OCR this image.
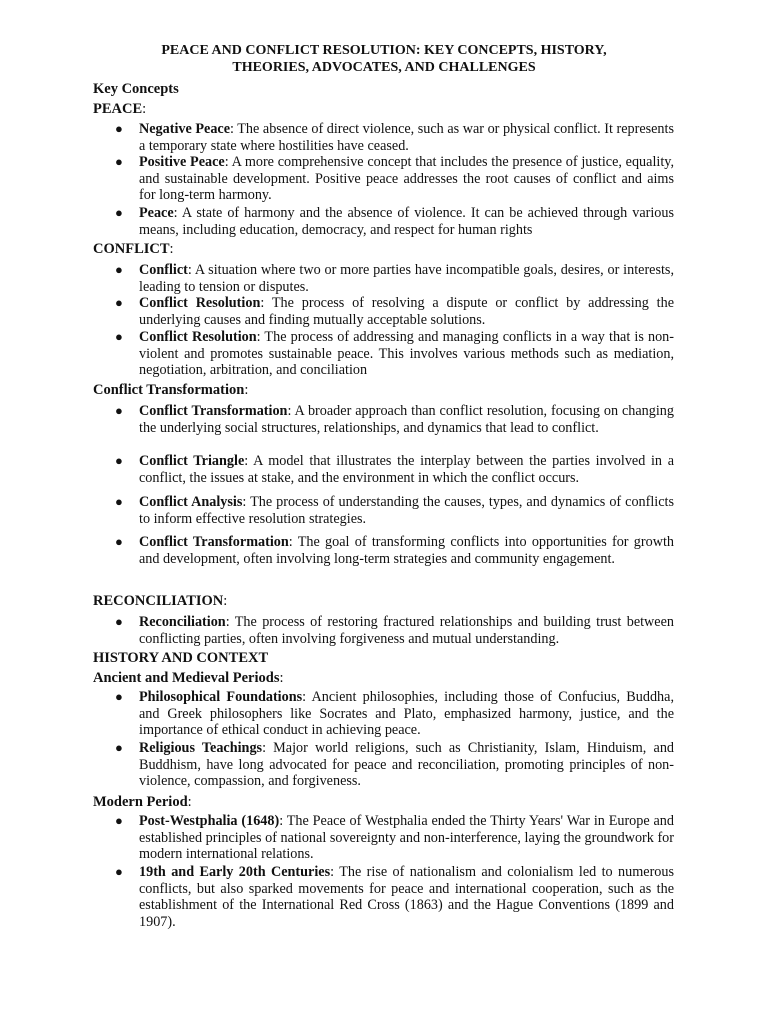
PEACE AND CONFLICT RESOLUTION: KEY CONCEPTS, HISTORY,
THEORIES, ADVOCATES, AND CHALLENGES
Key Concepts
PEACE:
● Negative Peace: The absence of direct violence, such as war or physical conflict. It represents a temporary state where hostilities have ceased.

● Positive Peace: A more comprehensive concept that includes the presence of justice, equality, and sustainable development. Positive peace addresses the root causes of conflict and aims for long-term harmony.

● Peace: A state of harmony and the absence of violence. It can be achieved through various means, including education, democracy, and respect for human rights

CONFLICT:
● Conflict: A situation where two or more parties have incompatible goals, desires, or interests, leading to tension or disputes.

● Conflict Resolution: The process of resolving a dispute or conflict by addressing the underlying causes and finding mutually acceptable solutions.

● Conflict Resolution: The process of addressing and managing conflicts in a way that is non-violent and promotes sustainable peace. This involves various methods such as mediation, negotiation, arbitration, and conciliation

Conflict Transformation:
● Conflict Transformation: A broader approach than conflict resolution, focusing on changing the underlying social structures, relationships, and dynamics that lead to conflict.

● Conflict Triangle: A model that illustrates the interplay between the parties involved in a conflict, the issues at stake, and the environment in which the conflict occurs.

● Conflict Analysis: The process of understanding the causes, types, and dynamics of conflicts to inform effective resolution strategies.

● Conflict Transformation: The goal of transforming conflicts into opportunities for growth and development, often involving long-term strategies and community engagement.

RECONCILIATION:
● Reconciliation: The process of restoring fractured relationships and building trust between conflicting parties, often involving forgiveness and mutual understanding.

HISTORY AND CONTEXT
Ancient and Medieval Periods:
● Philosophical Foundations: Ancient philosophies, including those of Confucius, Buddha, and Greek philosophers like Socrates and Plato, emphasized harmony, justice, and the importance of ethical conduct in achieving peace.

● Religious Teachings: Major world religions, such as Christianity, Islam, Hinduism, and Buddhism, have long advocated for peace and reconciliation, promoting principles of non-violence, compassion, and forgiveness.

Modern Period:
● Post-Westphalia (1648): The Peace of Westphalia ended the Thirty Years' War in Europe and established principles of national sovereignty and non-interference, laying the groundwork for modern international relations.

● 19th and Early 20th Centuries: The rise of nationalism and colonialism led to numerous conflicts, but also sparked movements for peace and international cooperation, such as the establishment of the International Red Cross (1863) and the Hague Conventions (1899 and 1907).
